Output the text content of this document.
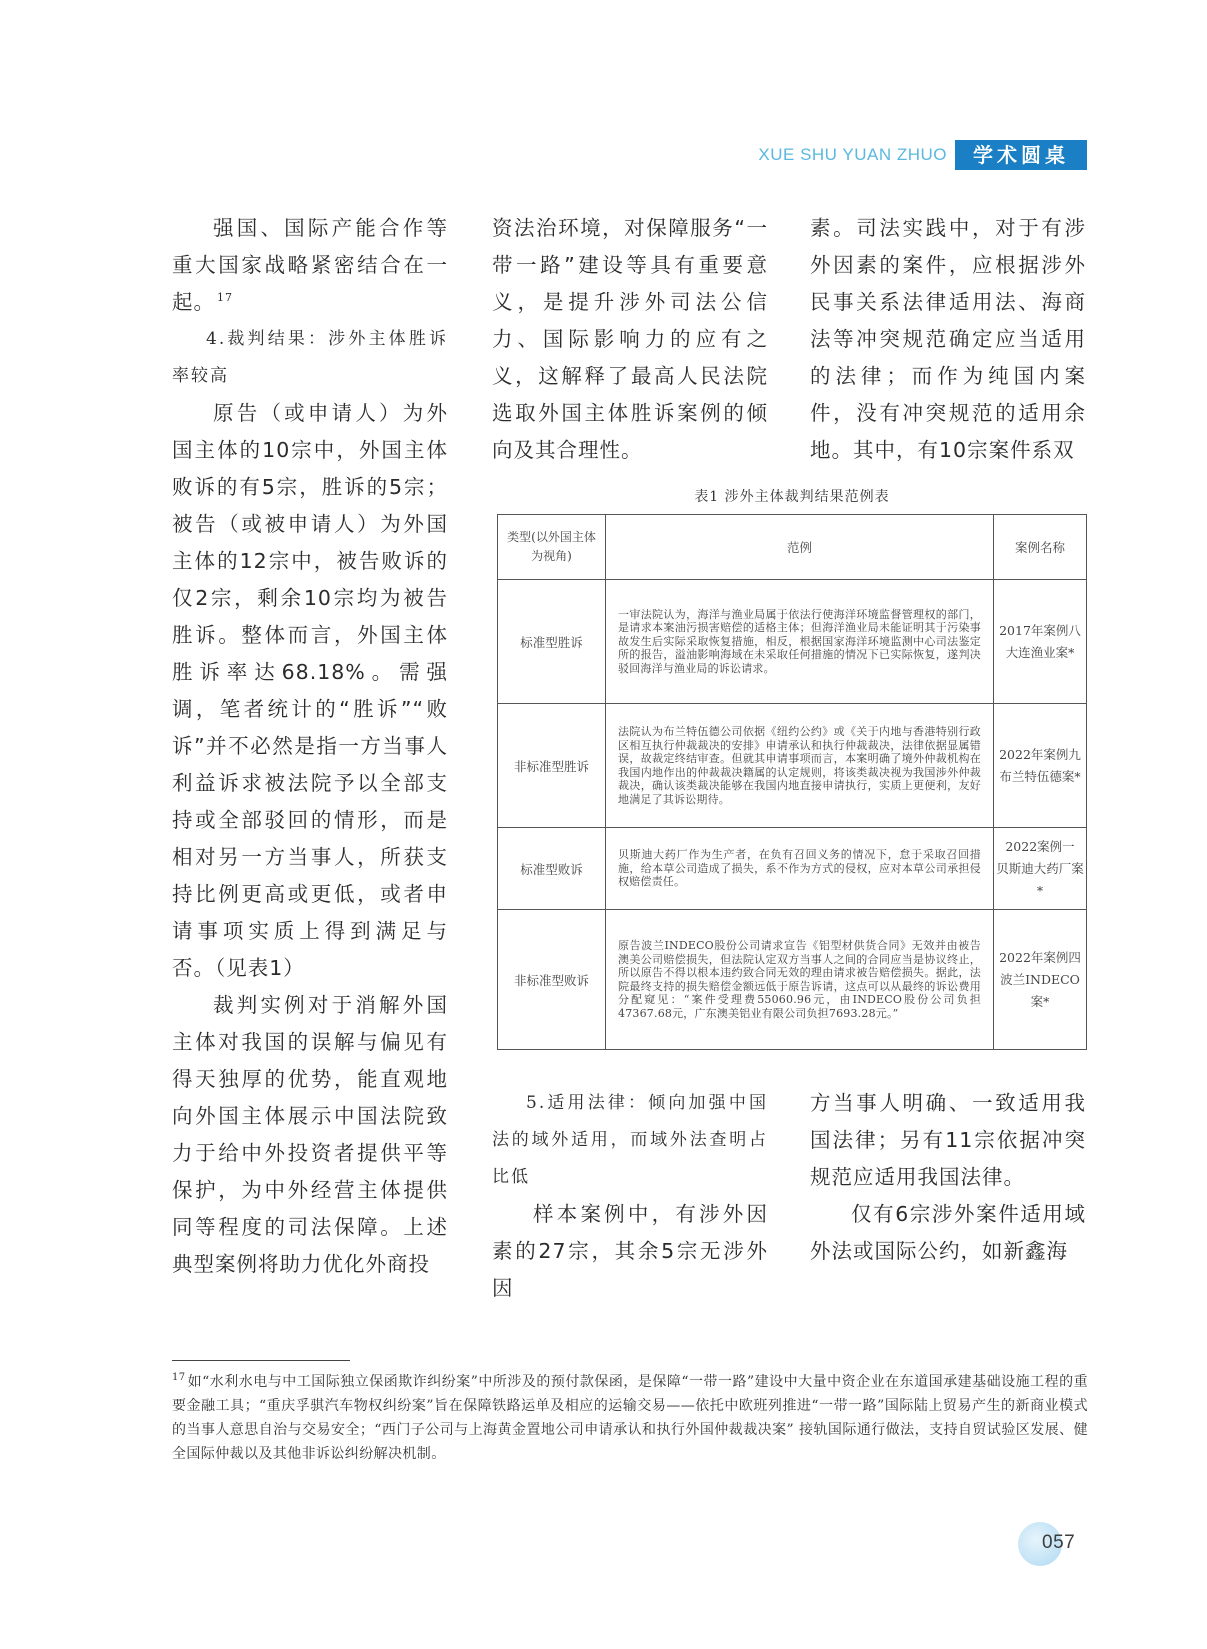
XUE SHU YUAN ZHUO	学术圆桌

强国、国际产能合作等重大国家战略紧密结合在一起。 $^{17}$

4.裁判结果：涉外主体胜诉率较高

原告（或申请人）为外国主体的10宗中，外国主体败诉的有5宗，胜诉的5宗；被告（或被申请人）为外国主体的12宗中，被告败诉的仅2宗，剩余10宗均为被告胜诉。整体而言，外国主体胜诉率达68.18%。需强调，笔者统计的“胜诉”“败诉”并不必然是指一方当事人利益诉求被法院予以全部支持或全部驳回的情形，而是相对另一方当事人，所获支持比例更高或更低，或者申请事项实质上得到满足与否。（见表1）

裁判实例对于消解外国主体对我国的误解与偏见有得天独厚的优势，能直观地向外国主体展示中国法院致力于给中外投资者提供平等保护，为中外经营主体提供同等程度的司法保障。上述典型案例将助力优化外商投

资法治环境，对保障服务“一带一路”建设等具有重要意义，是提升涉外司法公信力、国际影响力的应有之义，这解释了最高人民法院选取外国主体胜诉案例的倾向及其合理性。

素。司法实践中，对于有涉外因素的案件，应根据涉外民事关系法律适用法、海商法等冲突规范确定应当适用的法律；而作为纯国内案件，没有冲突规范的适用余地。其中，有10宗案件系双

表1 涉外主体裁判结果范例表
类型(以外国主体为视角)	范例	案例名称
标准型胜诉	一审法院认为，海洋与渔业局属于依法行使海洋环境监督管理权的部门，是请求本案油污损害赔偿的适格主体；但海洋渔业局未能证明其于污染事故发生后实际采取恢复措施，相反，根据国家海洋环境监测中心司法鉴定所的报告，溢油影响海域在未采取任何措施的情况下已实际恢复，遂判决驳回海洋与渔业局的诉讼请求。	2017年案例八
大连渔业案*
非标准型胜诉	法院认为布兰特伍德公司依据《纽约公约》或《关于内地与香港特别行政区相互执行仲裁裁决的安排》申请承认和执行仲裁裁决，法律依据显属错误，故裁定终结审查。但就其申请事项而言，本案明确了境外仲裁机构在我国内地作出的仲裁裁决籍属的认定规则，将该类裁决视为我国涉外仲裁裁决，确认该类裁决能够在我国内地直接申请执行，实质上更便利，友好地满足了其诉讼期待。	2022年案例九
布兰特伍德案*
标准型败诉	贝斯迪大药厂作为生产者，在负有召回义务的情况下，怠于采取召回措施，给本草公司造成了损失，系不作为方式的侵权，应对本草公司承担侵权赔偿责任。	2022案例一
贝斯迪大药厂案*
非标准型败诉	原告波兰INDECO股份公司请求宣告《铝型材供货合同》无效并由被告澳美公司赔偿损失，但法院认定双方当事人之间的合同应当是协议终止，所以原告不得以根本违约致合同无效的理由请求被告赔偿损失。据此，法院最终支持的损失赔偿金额远低于原告诉请，这点可以从最终的诉讼费用分配窥见：“案件受理费55060.96元，由INDECO股份公司负担47367.68元，广东澳美铝业有限公司负担7693.28元。”	2022年案例四
波兰INDECO案*

5.适用法律：倾向加强中国法的域外适用，而域外法查明占比低

样本案例中，有涉外因素的27宗，其余5宗无涉外因

方当事人明确、一致适用我国法律；另有11宗依据冲突规范应适用我国法律。

仅有6宗涉外案件适用域外法或国际公约，如新鑫海

$^{17}$ 如“水利水电与中工国际独立保函欺诈纠纷案”中所涉及的预付款保函，是保障“一带一路”建设中大量中资企业在东道国承建基础设施工程的重要金融工具；“重庆孚骐汽车物权纠纷案”旨在保障铁路运单及相应的运输交易——依托中欧班列推进“一带一路”国际陆上贸易产生的新商业模式的当事人意思自治与交易安全；“西门子公司与上海黄金置地公司申请承认和执行外国仲裁裁决案” 接轨国际通行做法，支持自贸试验区发展、健全国际仲裁以及其他非诉讼纠纷解决机制。
057
